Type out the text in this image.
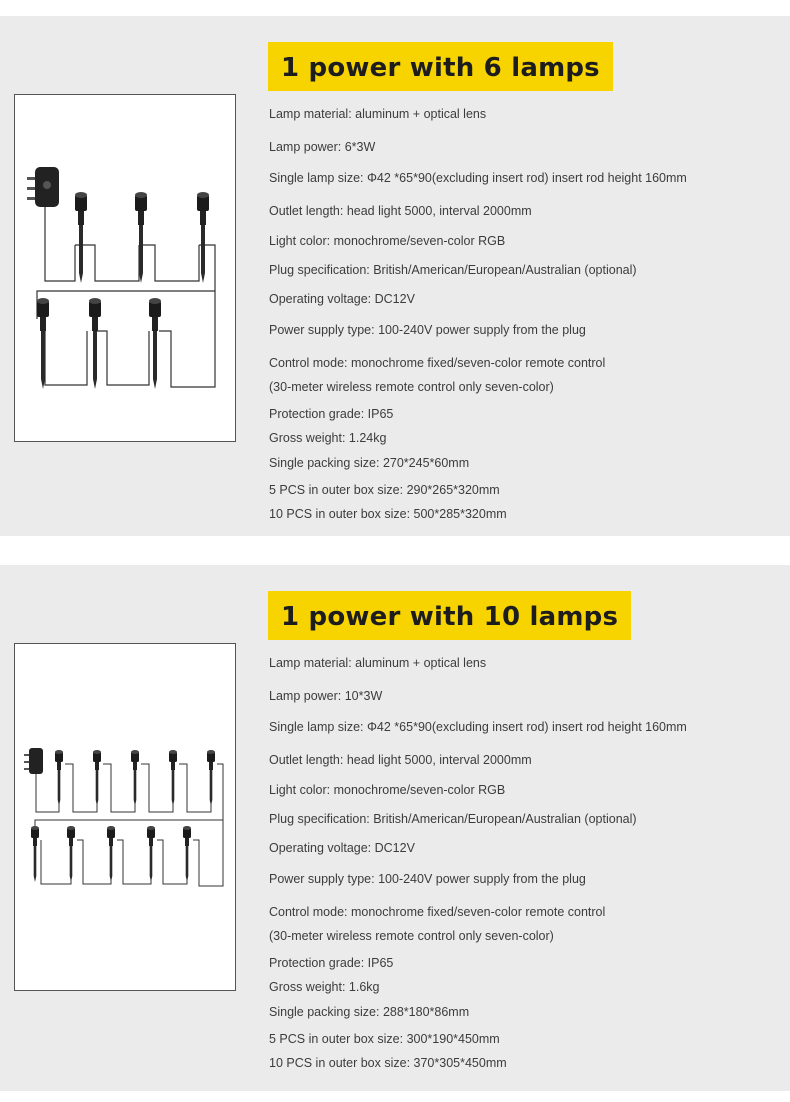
1 power with 6 lamps
Lamp material: aluminum + optical lens
Lamp power: 6*3W
Single lamp size: Φ42 *65*90(excluding insert rod) insert rod height 160mm
Outlet length: head light 5000, interval 2000mm
Light color: monochrome/seven-color RGB
Plug specification: British/American/European/Australian (optional)
Operating voltage: DC12V
Power supply type: 100-240V power supply from the plug
Control mode: monochrome fixed/seven-color remote control
(30-meter wireless remote control only seven-color)
Protection grade: IP65
Gross weight: 1.24kg
Single packing size: 270*245*60mm
5 PCS in outer box size: 290*265*320mm
10 PCS in outer box size: 500*285*320mm
1 power with 10 lamps
Lamp material: aluminum + optical lens
Lamp power: 10*3W
Single lamp size: Φ42 *65*90(excluding insert rod) insert rod height 160mm
Outlet length: head light 5000, interval 2000mm
Light color: monochrome/seven-color RGB
Plug specification: British/American/European/Australian (optional)
Operating voltage: DC12V
Power supply type: 100-240V power supply from the plug
Control mode: monochrome fixed/seven-color remote control
(30-meter wireless remote control only seven-color)
Protection grade: IP65
Gross weight: 1.6kg
Single packing size: 288*180*86mm
5 PCS in outer box size: 300*190*450mm
10 PCS in outer box size: 370*305*450mm
